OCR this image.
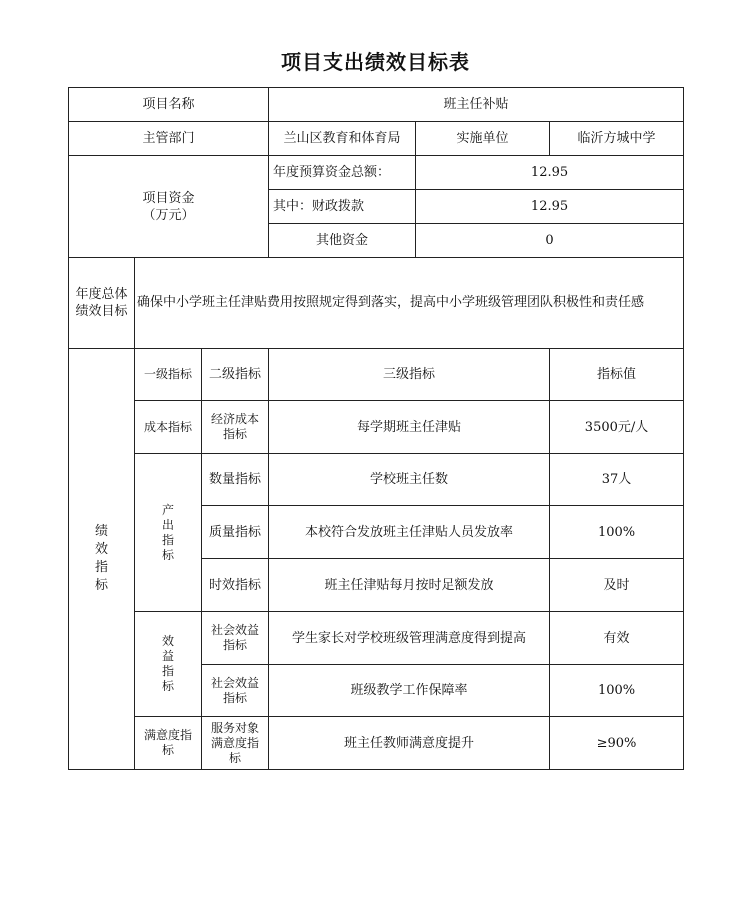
项目支出绩效目标表
项目名称			班主任补贴		
主管部门			兰山区教育和体育局	实施单位	临沂方城中学

项目资金
（万元）			年度预算资金总额：	12.95	
			其中：财政拨款	12.95	
			其他资金	0	

年度总体
绩效目标	确保中小学班主任津贴费用按照规定得到落实，提高中小学班级管理团队积极性和责任感				

绩效指标	一级指标	二级指标	三级指标		指标值
	成本指标	经济成本指标	每学期班主任津贴		3500元/人

	产出指标	数量指标	学校班主任数		37人
		质量指标	本校符合发放班主任津贴人员发放率		100%
		时效指标	班主任津贴每月按时足额发放		及时

	效益指标	社会效益指标	学生家长对学校班级管理满意度得到提高		有效
		社会效益指标	班级教学工作保障率		100%
	满意度指标	服务对象满意度指标	班主任教师满意度提升		≥90%
